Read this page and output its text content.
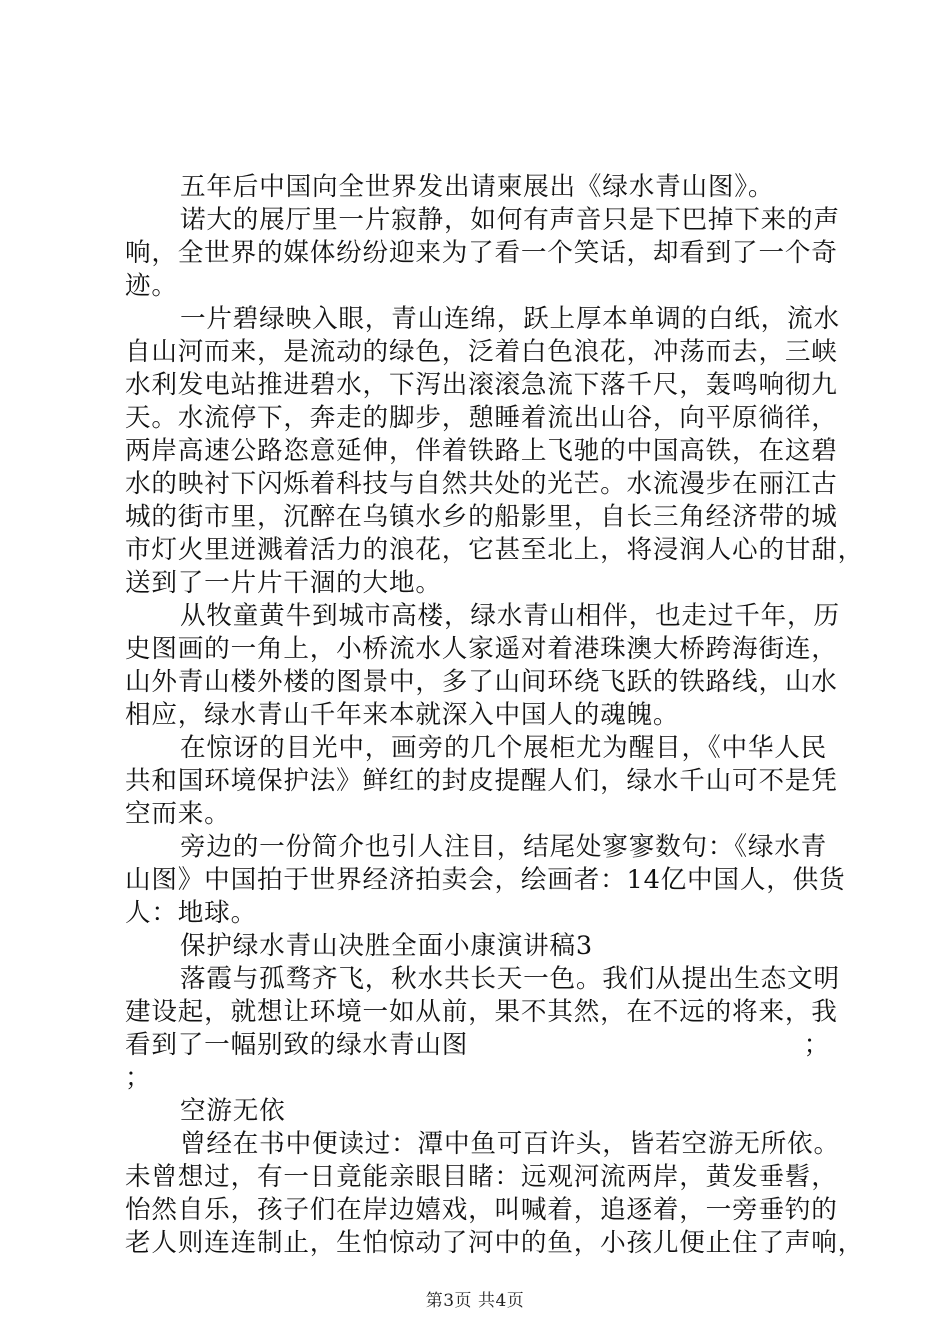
五年后中国向全世界发出请柬展出《绿水青山图》。
诺大的展厅里一片寂静，如何有声音只是下巴掉下来的声
响，全世界的媒体纷纷迎来为了看一个笑话，却看到了一个奇
迹。
一片碧绿映入眼，青山连绵，跃上厚本单调的白纸，流水
自山河而来，是流动的绿色，泛着白色浪花，冲荡而去，三峡
水利发电站推进碧水，下泻出滚滚急流下落千尺，轰鸣响彻九
天。水流停下，奔走的脚步，憩睡着流出山谷，向平原徜徉，
两岸高速公路恣意延伸，伴着铁路上飞驰的中国高铁，在这碧
水的映衬下闪烁着科技与自然共处的光芒。水流漫步在丽江古
城的街市里，沉醉在乌镇水乡的船影里，自长三角经济带的城
市灯火里迸溅着活力的浪花，它甚至北上，将浸润人心的甘甜，
送到了一片片干涸的大地。
从牧童黄牛到城市高楼，绿水青山相伴，也走过千年，历
史图画的一角上，小桥流水人家遥对着港珠澳大桥跨海街连，
山外青山楼外楼的图景中，多了山间环绕飞跃的铁路线，山水
相应，绿水青山千年来本就深入中国人的魂魄。
在惊讶的目光中，画旁的几个展柜尤为醒目，《中华人民
共和国环境保护法》鲜红的封皮提醒人们，绿水千山可不是凭
空而来。
旁边的一份简介也引人注目，结尾处寥寥数句：《绿水青
山图》中国拍于世界经济拍卖会，绘画者：14亿中国人，供货
人：地球。
保护绿水青山决胜全面小康演讲稿3
落霞与孤骛齐飞，秋水共长天一色。我们从提出生态文明
建设起，就想让环境一如从前，果不其然，在不远的将来，我
看到了一幅别致的绿水青山图	；
；
空游无依
曾经在书中便读过：潭中鱼可百许头，皆若空游无所依。
未曾想过，有一日竟能亲眼目睹：远观河流两岸，黄发垂髫，
怡然自乐，孩子们在岸边嬉戏，叫喊着，追逐着，一旁垂钓的
老人则连连制止，生怕惊动了河中的鱼，小孩儿便止住了声响，
第3页 共4页
